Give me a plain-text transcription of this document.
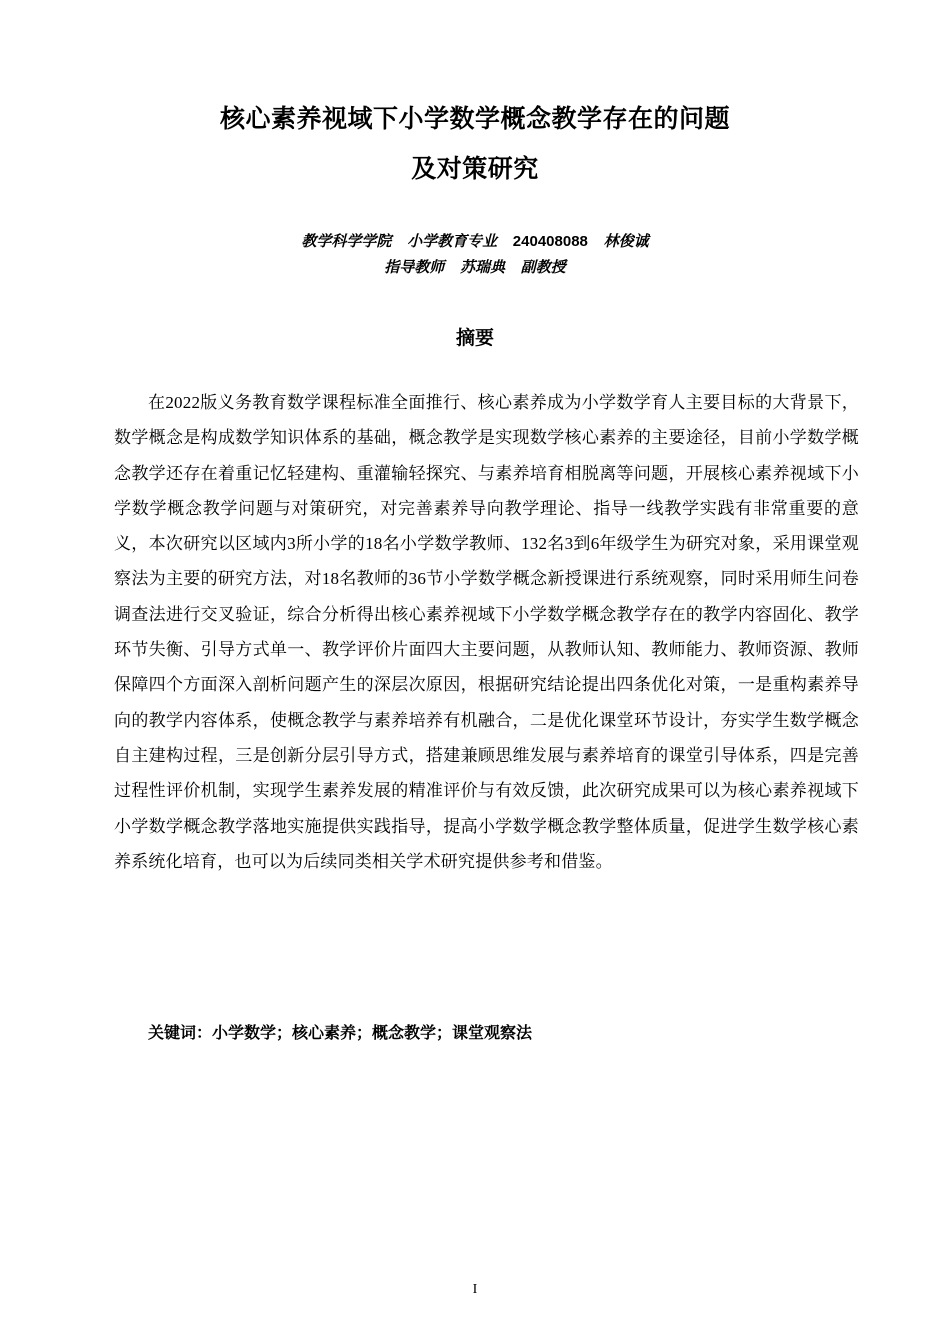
核心素养视域下小学数学概念教学存在的问题
及对策研究
教学科学学院 小学教育专业 240408088 林俊诚
指导教师 苏瑞典 副教授
摘要

在2022版义务教育数学课程标准全面推行、核心素养成为小学数学育人主要目标的大背景下，数学概念是构成数学知识体系的基础，概念教学是实现数学核心素养的主要途径，目前小学数学概念教学还存在着重记忆轻建构、重灌输轻探究、与素养培育相脱离等问题，开展核心素养视域下小学数学概念教学问题与对策研究，对完善素养导向教学理论、指导一线教学实践有非常重要的意义，本次研究以区域内3所小学的18名小学数学教师、132名3到6年级学生为研究对象，采用课堂观察法为主要的研究方法，对18名教师的36节小学数学概念新授课进行系统观察，同时采用师生问卷调查法进行交叉验证，综合分析得出核心素养视域下小学数学概念教学存在的教学内容固化、教学环节失衡、引导方式单一、教学评价片面四大主要问题，从教师认知、教师能力、教师资源、教师保障四个方面深入剖析问题产生的深层次原因，根据研究结论提出四条优化对策，一是重构素养导向的教学内容体系，使概念教学与素养培养有机融合，二是优化课堂环节设计，夯实学生数学概念自主建构过程，三是创新分层引导方式，搭建兼顾思维发展与素养培育的课堂引导体系，四是完善过程性评价机制，实现学生素养发展的精准评价与有效反馈，此次研究成果可以为核心素养视域下小学数学概念教学落地实施提供实践指导，提高小学数学概念教学整体质量，促进学生数学核心素养系统化培育，也可以为后续同类相关学术研究提供参考和借鉴。

关键词：小学数学；核心素养；概念教学；课堂观察法
I
